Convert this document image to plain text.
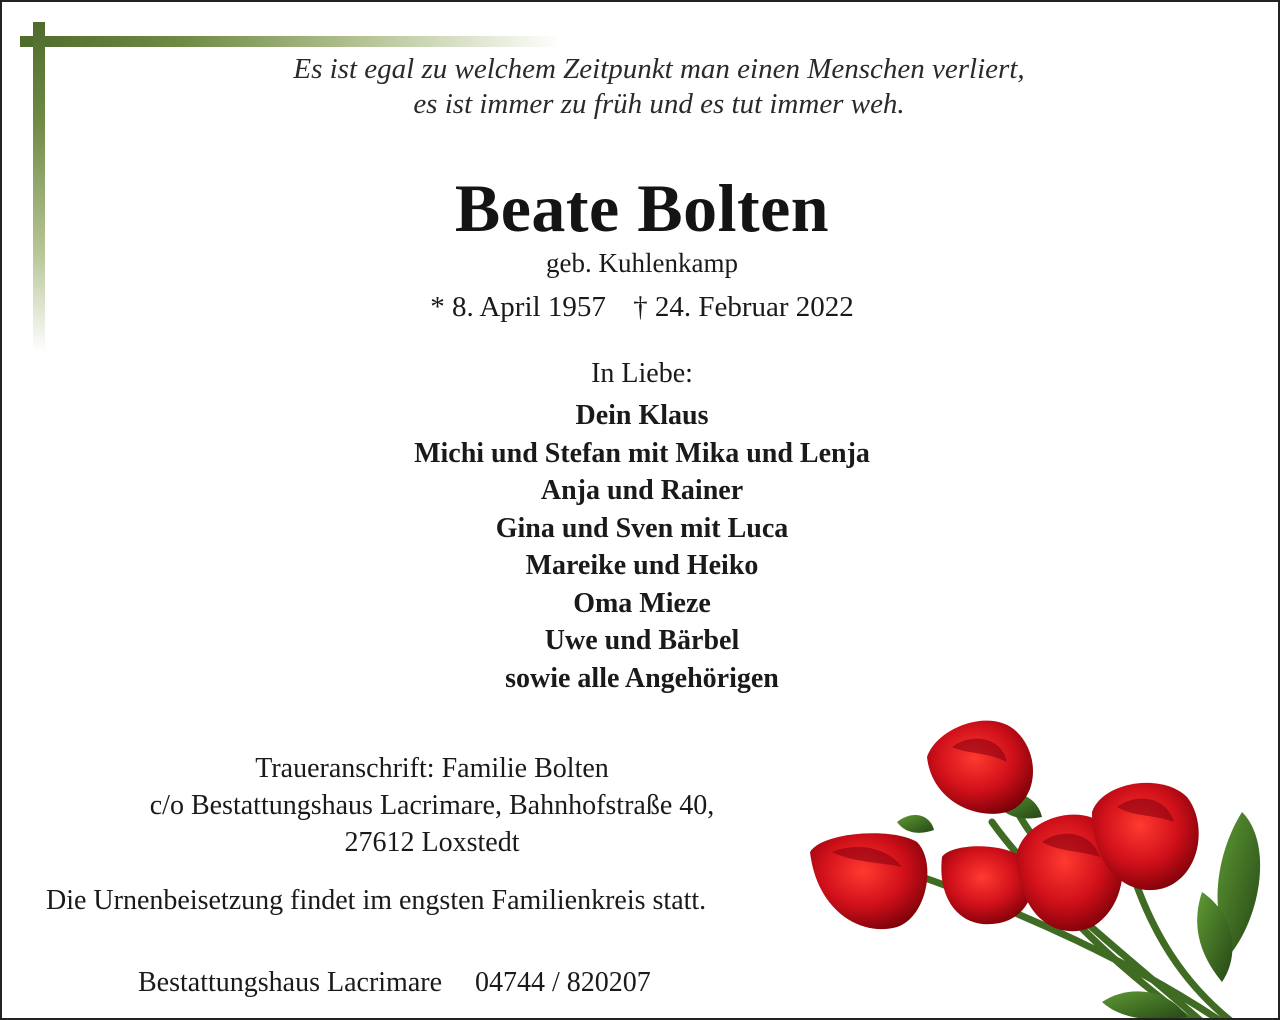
Es ist egal zu welchem Zeitpunkt man einen Menschen verliert,
es ist immer zu früh und es tut immer weh.
Beate Bolten
geb. Kuhlenkamp
* 8. April 1957 † 24. Februar 2022
In Liebe:
Dein Klaus
Michi und Stefan mit Mika und Lenja
Anja und Rainer
Gina und Sven mit Luca
Mareike und Heiko
Oma Mieze
Uwe und Bärbel
sowie alle Angehörigen
Traueranschrift: Familie Bolten
c/o Bestattungshaus Lacrimare, Bahnhofstraße 40,
27612 Loxstedt
Die Urnenbeisetzung findet im engsten Familienkreis statt.
Bestattungshaus Lacrimare 04744 / 820207
